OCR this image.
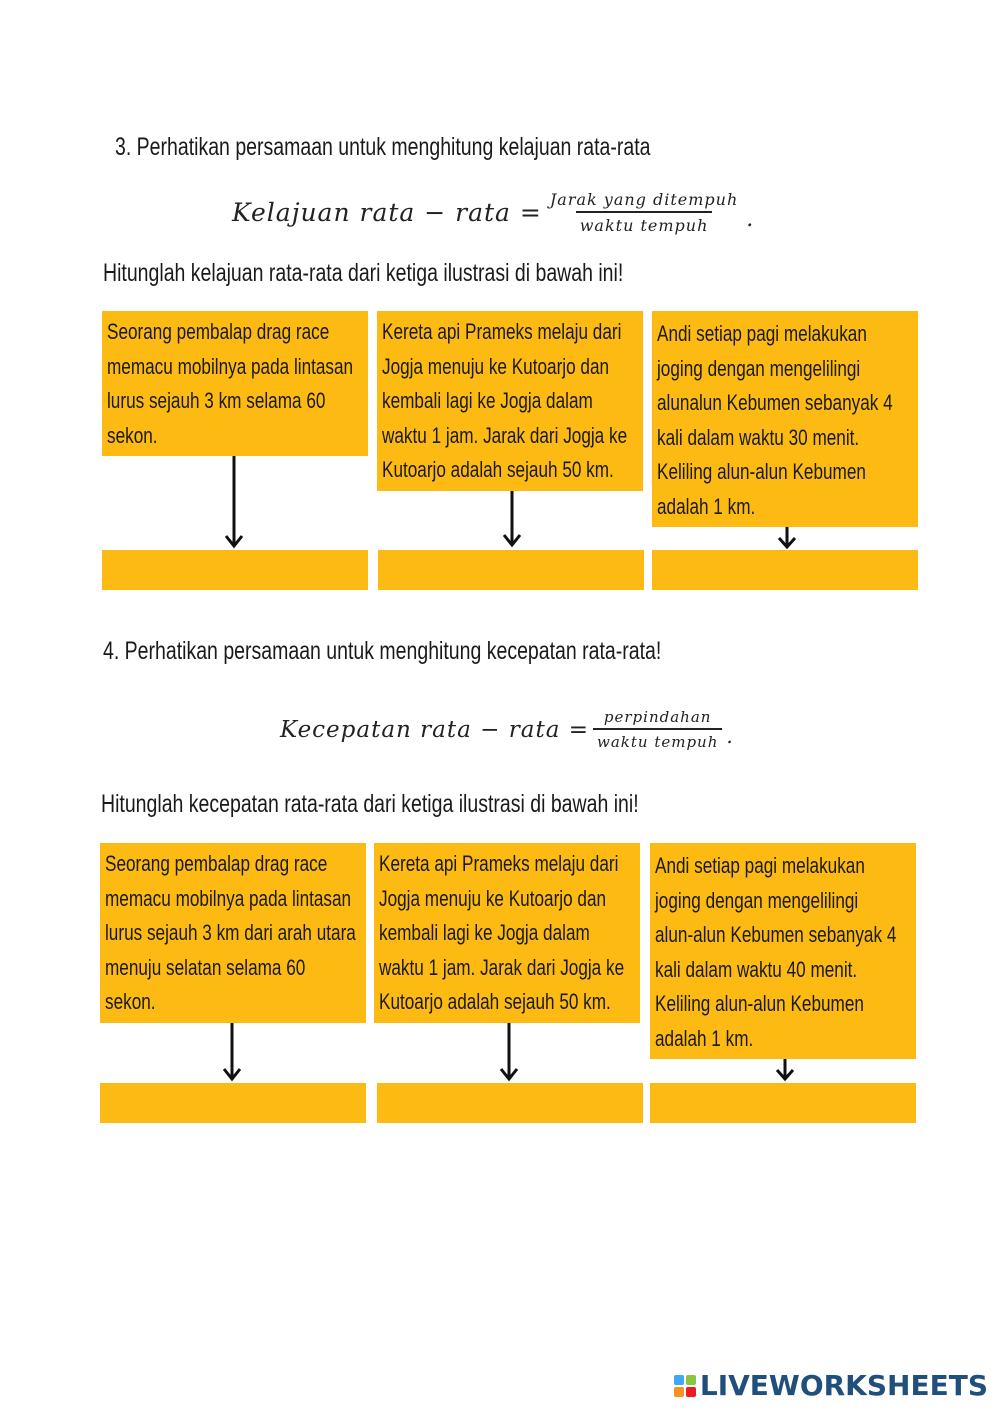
3. Perhatikan persamaan untuk menghitung kelajuan rata-rata
Kelajuan rata − rata = $\frac{\text{Jarak yang ditempuh}}{\text{waktu tempuh}}$ .
Hitunglah kelajuan rata-rata dari ketiga ilustrasi di bawah ini!
Seorang pembalap drag race
memacu mobilnya pada lintasan
lurus sejauh 3 km selama 60
sekon.
Kereta api Prameks melaju dari
Jogja menuju ke Kutoarjo dan
kembali lagi ke Jogja dalam
waktu 1 jam. Jarak dari Jogja ke
Kutoarjo adalah sejauh 50 km.
Andi setiap pagi melakukan
joging dengan mengelilingi
alunalun Kebumen sebanyak 4
kali dalam waktu 30 menit.
Keliling alun-alun Kebumen
adalah 1 km.
4. Perhatikan persamaan untuk menghitung kecepatan rata-rata!
Kecepatan rata − rata = $\frac{\text{perpindahan}}{\text{waktu tempuh}}$ .
Hitunglah kecepatan rata-rata dari ketiga ilustrasi di bawah ini!
Seorang pembalap drag race
memacu mobilnya pada lintasan
lurus sejauh 3 km dari arah utara
menuju selatan selama 60
sekon.
Kereta api Prameks melaju dari
Jogja menuju ke Kutoarjo dan
kembali lagi ke Jogja dalam
waktu 1 jam. Jarak dari Jogja ke
Kutoarjo adalah sejauh 50 km.
Andi setiap pagi melakukan
joging dengan mengelilingi
alun-alun Kebumen sebanyak 4
kali dalam waktu 40 menit.
Keliling alun-alun Kebumen
adalah 1 km.
LIVEWORKSHEETS
